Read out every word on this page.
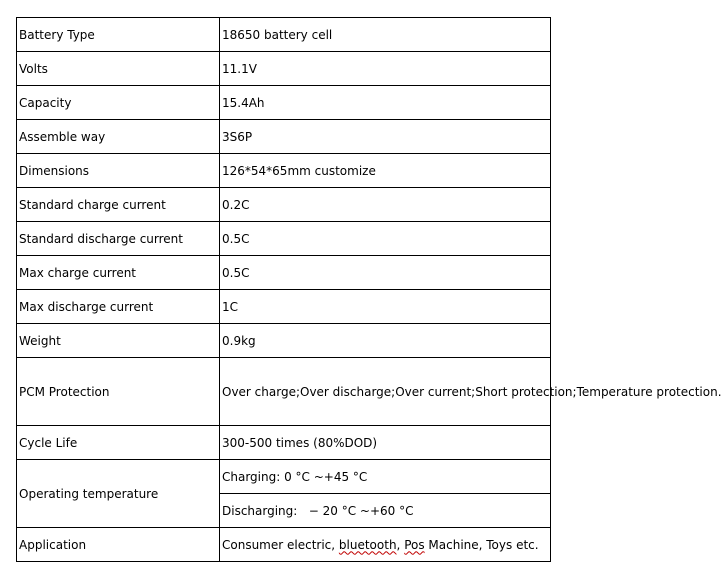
Battery Type	18650 battery cell
Volts	11.1V
Capacity	15.4Ah
Assemble way	3S6P
Dimensions	126*54*65mm customize
Standard charge current	0.2C
Standard discharge current	0.5C
Max charge current	0.5C
Max discharge current	1C
Weight	0.9kg
PCM Protection	Over charge;Over discharge;Over current;Short protection;Temperature protection.
Cycle Life	300-500 times (80%DOD)
Operating temperature	Charging: 0 °C ~+45 °C
	Discharging:   − 20 °C ~+60 °C
Application	Consumer electric, bluetooth, Pos Machine, Toys etc.
